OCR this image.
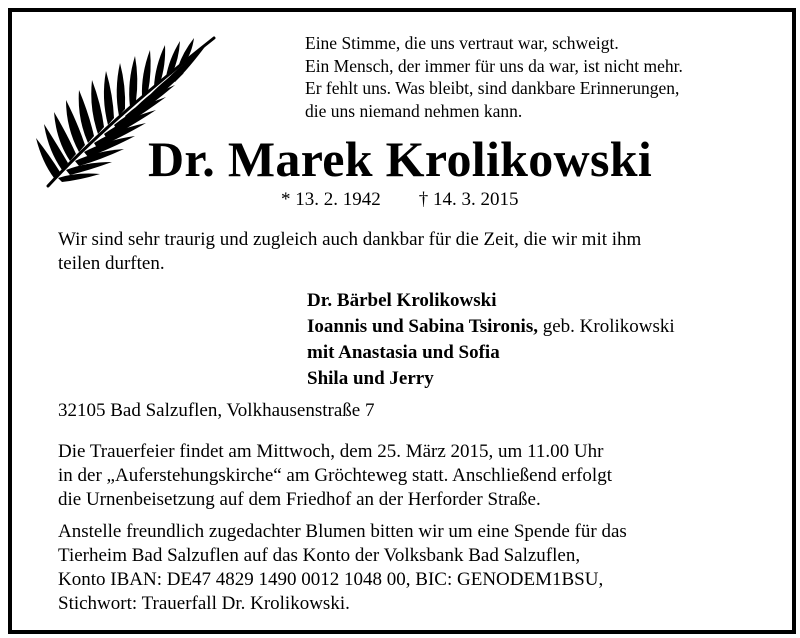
Eine Stimme, die uns vertraut war, schweigt.
Ein Mensch, der immer für uns da war, ist nicht mehr.
Er fehlt uns. Was bleibt, sind dankbare Erinnerungen,
die uns niemand nehmen kann.
Dr. Marek Krolikowski
* 13. 2. 1942 † 14. 3. 2015
Wir sind sehr traurig und zugleich auch dankbar für die Zeit, die wir mit ihm
teilen durften.
Dr. Bärbel Krolikowski
Ioannis und Sabina Tsironis, geb. Krolikowski
mit Anastasia und Sofia
Shila und Jerry
32105 Bad Salzuflen, Volkhausenstraße 7
Die Trauerfeier findet am Mittwoch, dem 25. März 2015, um 11.00 Uhr
in der „Auferstehungskirche“ am Gröchteweg statt. Anschließend erfolgt
die Urnenbeisetzung auf dem Friedhof an der Herforder Straße.
Anstelle freundlich zugedachter Blumen bitten wir um eine Spende für das
Tierheim Bad Salzuflen auf das Konto der Volksbank Bad Salzuflen,
Konto IBAN: DE47 4829 1490 0012 1048 00, BIC: GENODEM1BSU,
Stichwort: Trauerfall Dr. Krolikowski.
